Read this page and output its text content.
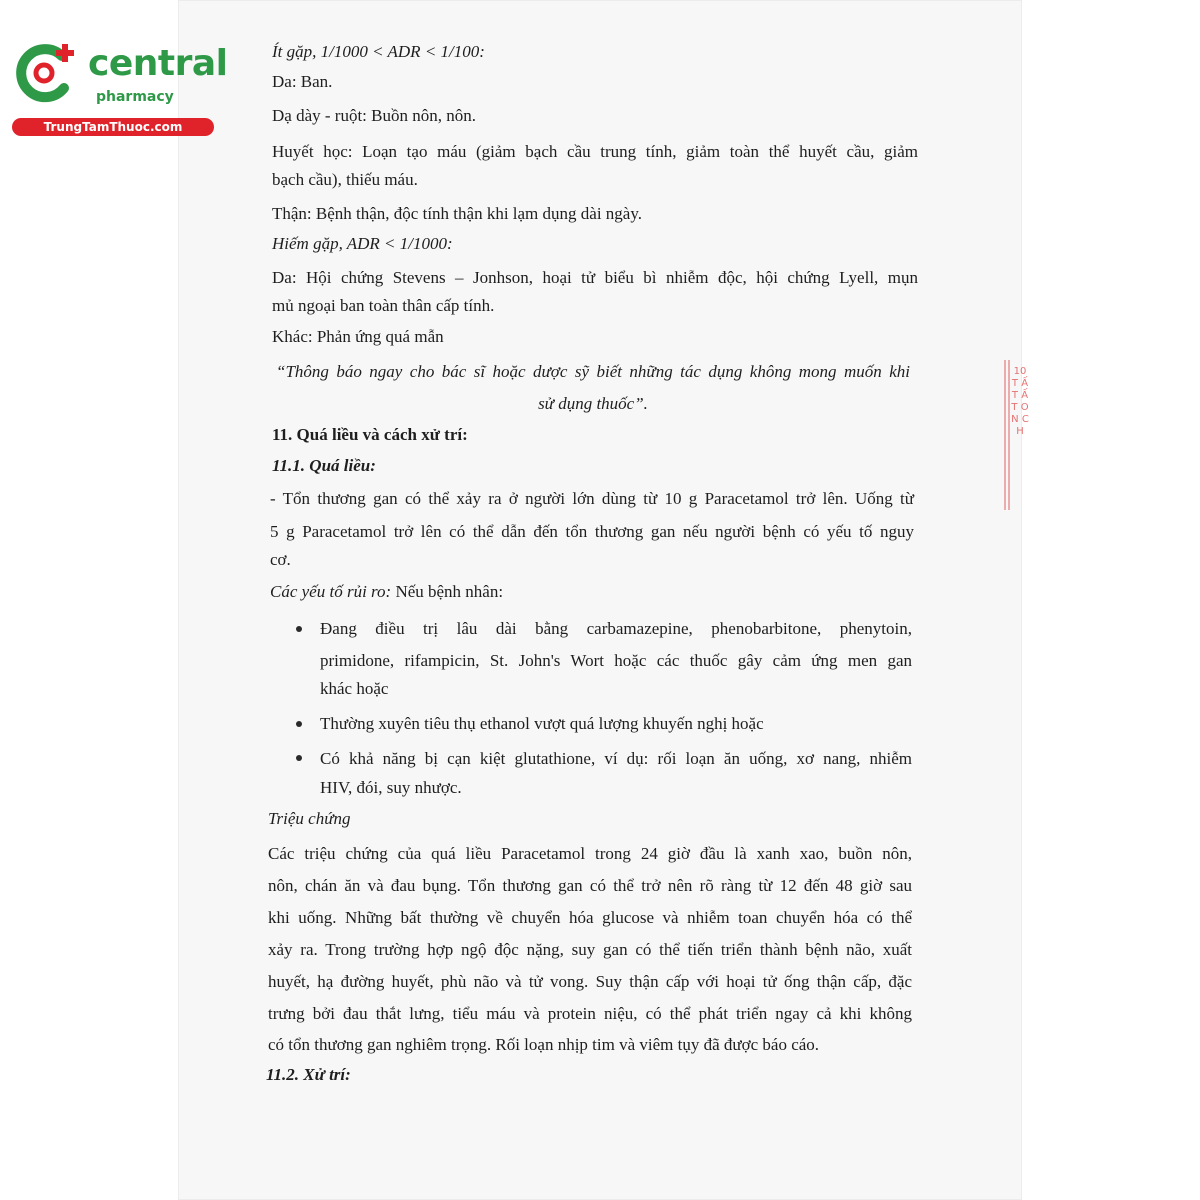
central
pharmacy
TrungTamThuoc.com
Ít gặp, 1/1000 < ADR < 1/100:
Da: Ban.
Dạ dày - ruột: Buồn nôn, nôn.
Huyết học: Loạn tạo máu (giảm bạch cầu trung tính, giảm toàn thể huyết cầu, giảm
bạch cầu), thiếu máu.
Thận: Bệnh thận, độc tính thận khi lạm dụng dài ngày.
Hiếm gặp, ADR < 1/1000:
Da: Hội chứng Stevens – Jonhson, hoại tử biểu bì nhiễm độc, hội chứng Lyell, mụn
mủ ngoại ban toàn thân cấp tính.
Khác: Phản ứng quá mẫn
“Thông báo ngay cho bác sĩ hoặc dược sỹ biết những tác dụng không mong muốn khi
sử dụng thuốc”.
11. Quá liều và cách xử trí:
11.1. Quá liều:
- Tổn thương gan có thể xảy ra ở người lớn dùng từ 10 g Paracetamol trở lên. Uống từ
5 g Paracetamol trở lên có thể dẫn đến tổn thương gan nếu người bệnh có yếu tố nguy
cơ.
Các yếu tố rủi ro: Nếu bệnh nhân:
Đang điều trị lâu dài bằng carbamazepine, phenobarbitone, phenytoin,
primidone, rifampicin, St. John's Wort hoặc các thuốc gây cảm ứng men gan
khác hoặc
Thường xuyên tiêu thụ ethanol vượt quá lượng khuyến nghị hoặc
Có khả năng bị cạn kiệt glutathione, ví dụ: rối loạn ăn uống, xơ nang, nhiễm
HIV, đói, suy nhược.
Triệu chứng
Các triệu chứng của quá liều Paracetamol trong 24 giờ đầu là xanh xao, buồn nôn,
nôn, chán ăn và đau bụng. Tổn thương gan có thể trở nên rõ ràng từ 12 đến 48 giờ sau
khi uống. Những bất thường về chuyển hóa glucose và nhiễm toan chuyển hóa có thể
xảy ra. Trong trường hợp ngộ độc nặng, suy gan có thể tiến triển thành bệnh não, xuất
huyết, hạ đường huyết, phù não và tử vong. Suy thận cấp với hoại tử ống thận cấp, đặc
trưng bởi đau thắt lưng, tiểu máu và protein niệu, có thể phát triển ngay cả khi không
có tổn thương gan nghiêm trọng. Rối loạn nhịp tim và viêm tụy đã được báo cáo.
11.2. Xử trí:
10 T ẤT ẤT ON CH
